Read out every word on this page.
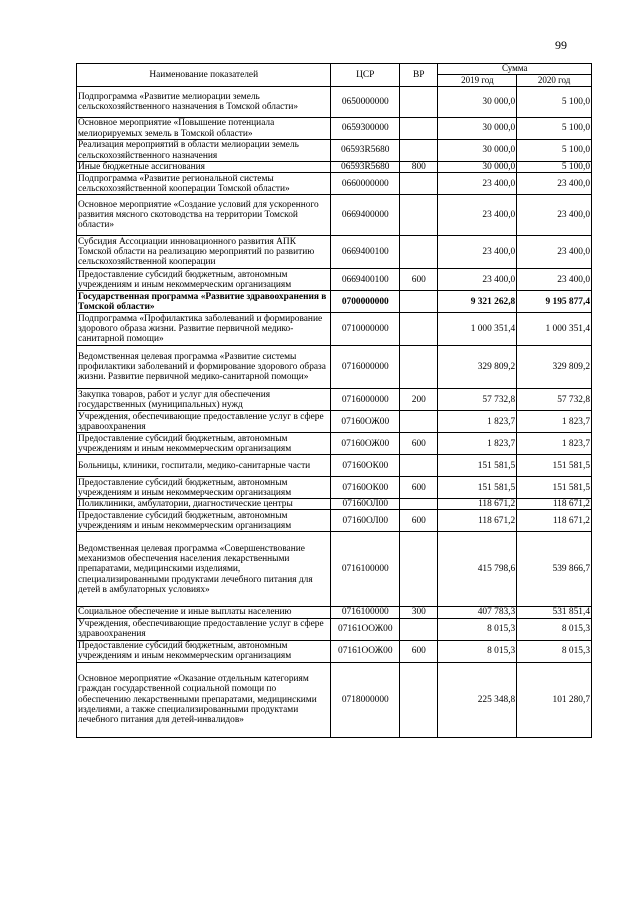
99
Наименование показателей	ЦСР	ВР	Сумма	
			2019 год	2020 год
Подпрограмма «Развитие мелиорации земель сельскохозяйственного назначения в Томской области»	0650000000		30 000,0	5 100,0
Основное мероприятие «Повышение потенциала мелиорируемых земель в Томской области»	0659300000		30 000,0	5 100,0
Реализация мероприятий в области мелиорации земель сельскохозяйственного назначения	06593R5680		30 000,0	5 100,0
Иные бюджетные ассигнования	06593R5680	800	30 000,0	5 100,0
Подпрограмма «Развитие региональной системы сельскохозяйственной кооперации Томской области»	0660000000		23 400,0	23 400,0
Основное мероприятие «Создание условий для ускоренного развития мясного скотоводства на территории Томской области»	0669400000		23 400,0	23 400,0
Субсидия Ассоциации инновационного развития АПК Томской области на реализацию мероприятий по развитию сельскохозяйственной кооперации	0669400100		23 400,0	23 400,0
Предоставление субсидий бюджетным, автономным учреждениям и иным некоммерческим организациям	0669400100	600	23 400,0	23 400,0
Государственная программа «Развитие здравоохранения в Томской области»	0700000000		9 321 262,8	9 195 877,4
Подпрограмма «Профилактика заболеваний и формирование здорового образа жизни. Развитие первичной медико-санитарной помощи»	0710000000		1 000 351,4	1 000 351,4
Ведомственная целевая программа «Развитие системы профилактики заболеваний и формирование здорового образа жизни. Развитие первичной медико-санитарной помощи»	0716000000		329 809,2	329 809,2
Закупка товаров, работ и услуг для обеспечения государственных (муниципальных) нужд	0716000000	200	57 732,8	57 732,8
Учреждения, обеспечивающие предоставление услуг в сфере здравоохранения	07160ОЖ00		1 823,7	1 823,7
Предоставление субсидий бюджетным, автономным учреждениям и иным некоммерческим организациям	07160ОЖ00	600	1 823,7	1 823,7
Больницы, клиники, госпитали, медико-санитарные части	07160ОК00		151 581,5	151 581,5
Предоставление субсидий бюджетным, автономным учреждениям и иным некоммерческим организациям	07160ОК00	600	151 581,5	151 581,5
Поликлиники, амбулатории, диагностические центры	07160ОЛ00		118 671,2	118 671,2
Предоставление субсидий бюджетным, автономным учреждениям и иным некоммерческим организациям	07160ОЛ00	600	118 671,2	118 671,2
Ведомственная целевая программа «Совершенствование механизмов обеспечения населения лекарственными препаратами, медицинскими изделиями, специализированными продуктами лечебного питания для детей в амбулаторных условиях»	0716100000		415 798,6	539 866,7
Социальное обеспечение и иные выплаты населению	0716100000	300	407 783,3	531 851,4
Учреждения, обеспечивающие предоставление услуг в сфере здравоохранения	07161ООЖ00		8 015,3	8 015,3
Предоставление субсидий бюджетным, автономным учреждениям и иным некоммерческим организациям	07161ООЖ00	600	8 015,3	8 015,3
Основное мероприятие «Оказание отдельным категориям граждан государственной социальной помощи по обеспечению лекарственными препаратами, медицинскими изделиями, а также специализированными продуктами лечебного питания для детей-инвалидов»	0718000000		225 348,8	101 280,7
